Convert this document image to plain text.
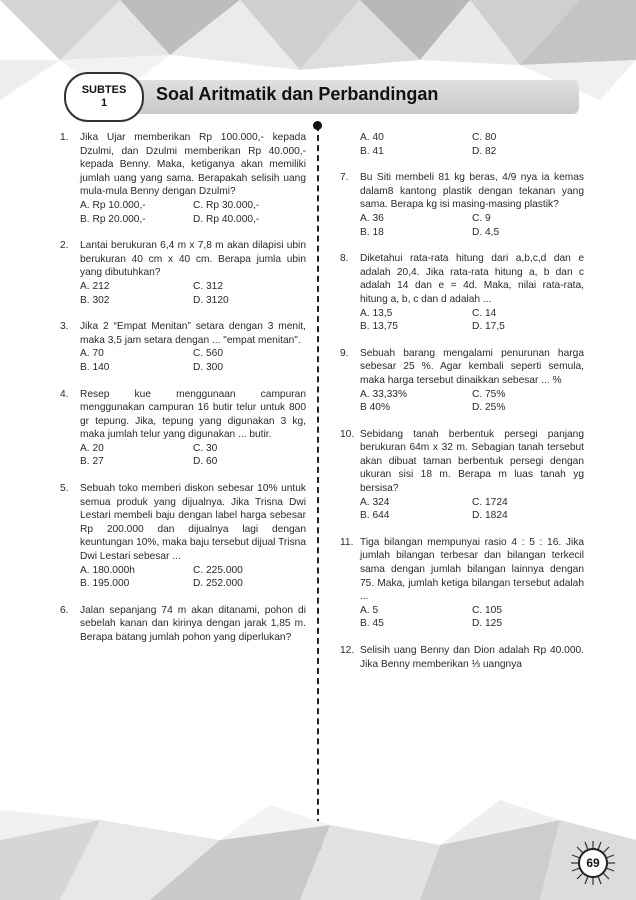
SUBTES
1	Soal Aritmatik dan Perbandingan
1. Jika Ujar memberikan Rp 100.000,- kepada Dzulmi, dan Dzulmi memberikan Rp 40.000,- kepada Benny. Maka, ketiganya akan memiliki jumlah uang yang sama. Berapakah selisih uang mula-mula Benny dengan Dzulmi?
A. Rp 10.000,-	C. Rp 30.000,-
B. Rp 20.000,-	D. Rp 40.000,-
2. Lantai berukuran 6,4 m x 7,8 m akan dilapisi ubin berukuran 40 cm x 40 cm. Berapa jumla ubin yang dibutuhkan?
A. 212	C. 312
B. 302	D. 3120
3. Jika 2 “Empat Menitan” setara dengan 3 menit, maka 3,5 jam setara dengan ... "empat menitan".
A. 70	C. 560
B. 140	D. 300
4. Resep kue menggunaan campuran menggunakan campuran 16 butir telur untuk 800 gr tepung. Jika, tepung yang digunakan 3 kg, maka jumlah telur yang digunakan ... butir.
A. 20	C. 30
B. 27	D. 60
5. Sebuah toko memberi diskon sebesar 10% untuk semua produk yang dijualnya. Jika Trisna Dwi Lestari membeli baju dengan label harga sebesar Rp 200.000 dan dijualnya lagi dengan keuntungan 10%, maka baju tersebut dijual Trisna Dwi Lestari sebesar ...
A. 180.000h	C. 225.000
B. 195.000	D. 252.000
6. Jalan sepanjang 74 m akan ditanami, pohon di sebelah kanan dan kirinya dengan jarak 1,85 m. Berapa batang jumlah pohon yang diperlukan?
A. 40	C. 80
B. 41	D. 82
7. Bu Siti membeli 81 kg beras, 4/9 nya ia kemas dalam8 kantong plastik dengan tekanan yang sama. Berapa kg isi masing-masing plastik?
A. 36	C. 9
B. 18	D. 4,5
8. Diketahui rata-rata hitung dari a,b,c,d dan e adalah 20,4. Jika rata-rata hitung a, b dan c adalah 14 dan e = 4d. Maka, nilai rata-rata, hitung a, b, c dan d adalah ...
A. 13,5	C. 14
B. 13,75	D. 17,5
9. Sebuah barang mengalami penurunan harga sebesar 25 %. Agar kembali seperti semula, maka harga tersebut dinaikkan sebesar ... %
A. 33,33%	C. 75%
B 40%	D. 25%
10. Sebidang tanah berbentuk persegi panjang berukuran 64m x 32 m. Sebagian tanah tersebut akan dibuat taman berbentuk persegi dengan ukuran sisi 18 m. Berapa m luas tanah yg bersisa?
A. 324	C. 1724
B. 644	D. 1824
11. Tiga bilangan mempunyai rasio 4 : 5 : 16. Jika jumlah bilangan terbesar dan bilangan terkecil sama dengan jumlah bilangan lainnya dengan 75. Maka, jumlah ketiga bilangan tersebut adalah ...
A. 5	C. 105
B. 45	D. 125
12. Selisih uang Benny dan Dion adalah Rp 40.000. Jika Benny memberikan ⅓ uangnya
69
